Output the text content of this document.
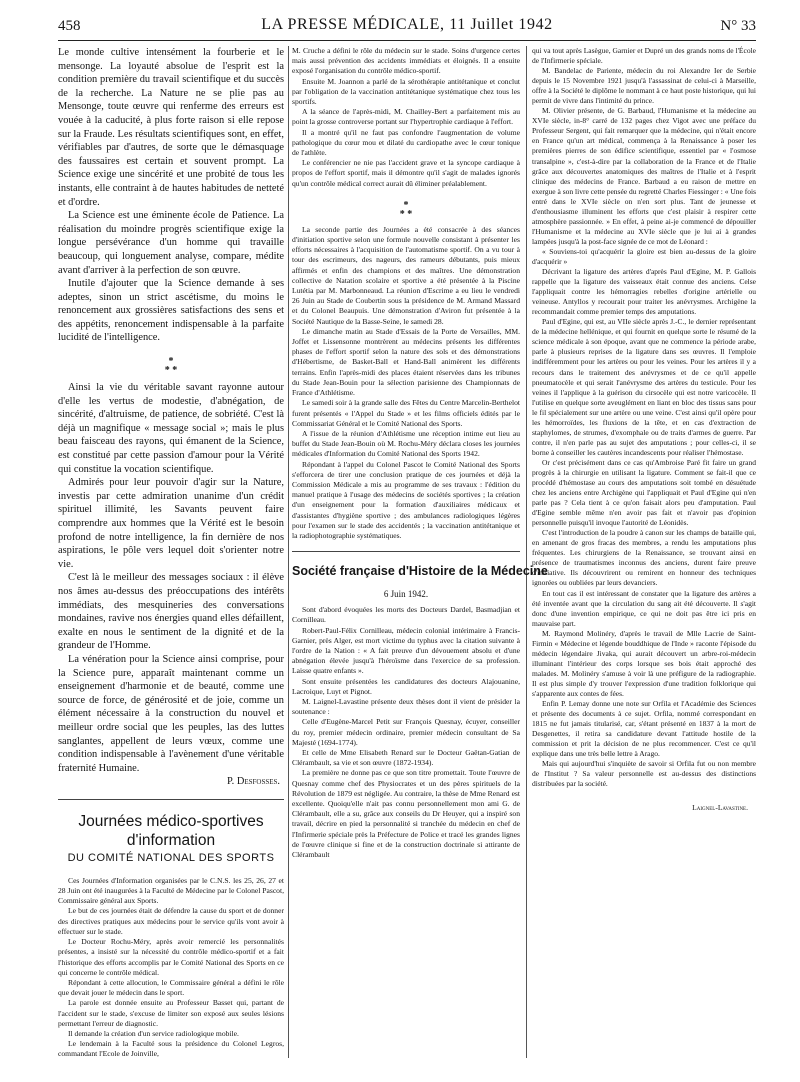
458	LA PRESSE MÉDICALE, 11 Juillet 1942	N° 33

Le monde cultive intensément la fourberie et le mensonge. La loyauté absolue de l'esprit est la condition première du travail scientifique et du succès de la recherche. La Nature ne se plie pas au Mensonge, toute œuvre qui renferme des erreurs est vouée à la caducité, à plus forte raison si elle repose sur la Fraude. Les résultats scientifiques sont, en effet, vérifiables par d'autres, de sorte que le démasquage des faussaires est certain et souvent prompt. La Science exige une sincérité et une probité de tous les instants, elle contraint à de hautes habitudes de netteté et d'ordre.

La Science est une éminente école de Patience. La réalisation du moindre progrès scientifique exige la longue persévérance d'un homme qui travaille beaucoup, qui longuement analyse, compare, médite avant d'arriver à la perfection de son œuvre.

Inutile d'ajouter que la Science demande à ses adeptes, sinon un strict ascétisme, du moins le renoncement aux grossières satisfactions des sens et des appétits, renoncement indispensable à la parfaite lucidité de l'intelligence.

*
* *

Ainsi la vie du véritable savant rayonne autour d'elle les vertus de modestie, d'abnégation, de sincérité, d'altruisme, de patience, de sobriété. C'est là déjà un magnifique « message social »; mais le plus beau faisceau des rayons, qui émanent de la Science, est constitué par cette passion d'amour pour la Vérité qui constitue la vocation scientifique.

Admirés pour leur pouvoir d'agir sur la Nature, investis par cette admiration unanime d'un crédit spirituel illimité, les Savants peuvent faire comprendre aux hommes que la Vérité est le besoin profond de notre intelligence, la fin dernière de nos aspirations, le pôle vers lequel doit s'orienter notre vie.

C'est là le meilleur des messages sociaux : il élève nos âmes au-dessus des préoccupations des intérêts immédiats, des mesquineries des conversations mondaines, ravive nos énergies quand elles défaillent, exalte en nous le sentiment de la dignité et de la grandeur de l'Homme.

La vénération pour la Science ainsi comprise, pour la Science pure, apparaît maintenant comme un enseignement d'harmonie et de beauté, comme une source de force, de générosité et de joie, comme un élément nécessaire à la construction du nouvel et meilleur ordre social que les peuples, las des luttes sanglantes, appellent de leurs vœux, comme une condition indispensable à l'avènement d'une véritable fraternité Humaine.

P. Desfosses.

Journées médico-sportives d'information
DU COMITÉ NATIONAL DES SPORTS

Ces Journées d'Information organisées par le C.N.S. les 25, 26, 27 et 28 Juin ont été inaugurées à la Faculté de Médecine par le Colonel Pascot, Commissaire général aux Sports.

Le but de ces journées était de défendre la cause du sport et de donner des directives pratiques aux médecins pour le service qu'ils vont avoir à effectuer sur le stade.

Le Docteur Rochu-Méry, après avoir remercié les personnalités présentes, a insisté sur la nécessité du contrôle médico-sportif et a fait l'historique des efforts accomplis par le Comité National des Sports en ce qui concerne le contrôle médical.

Répondant à cette allocution, le Commissaire général a défini le rôle que devait jouer le médecin dans le sport.

La parole est donnée ensuite au Professeur Basset qui, partant de l'accident sur le stade, s'excuse de limiter son exposé aux seules lésions permettant l'erreur de diagnostic.

Il demande la création d'un service radiologique mobile.

Le lendemain à la Faculté sous la présidence du Colonel Legros, commandant l'Ecole de Joinville,

M. Cruche a défini le rôle du médecin sur le stade. Soins d'urgence certes mais aussi prévention des accidents immédiats et éloignés. Il a ensuite exposé l'organisation du contrôle médico-sportif.

Ensuite M. Joannon a parlé de la sérothérapie antitétanique et conclut par l'obligation de la vaccination antitétanique systématique chez tous les sportifs.

A la séance de l'après-midi, M. Chailley-Bert a parfaitement mis au point la grosse controverse portant sur l'hypertrophie cardiaque à l'effort.

Il a montré qu'il ne faut pas confondre l'augmentation de volume pathologique du cœur mou et dilaté du cardiopathe avec le cœur tonique de l'athlète.

Le conférencier ne nie pas l'accident grave et la syncope cardiaque à propos de l'effort sportif, mais il démontre qu'il s'agit de malades ignorés qu'un contrôle médical correct aurait dû éliminer préalablement.

*
* *

La seconde partie des Journées a été consacrée à des séances d'initiation sportive selon une formule nouvelle consistant à présenter les efforts nécessaires à l'acquisition de l'automatisme sportif. On a vu tour à tour des escrimeurs, des nageurs, des rameurs débutants, puis mieux affirmés et enfin des champions et des maîtres. Une démonstration collective de Natation scolaire et sportive a été présentée à la Piscine Lutétia par M. Marbonneaud. La réunion d'Escrime a eu lieu le vendredi 26 Juin au Stade de Coubertin sous la présidence de M. Armand Massard et du Colonel Beaupuis. Une démonstration d'Aviron fut présentée à la Société Nautique de la Basse-Seine, le samedi 28.

Le dimanche matin au Stade d'Essais de la Porte de Versailles, MM. Joffet et Lissensonne montrèrent au médecins présents les différentes phases de l'effort sportif selon la nature des sols et des démonstrations d'Hébertisme, de Basket-Ball et Hand-Ball animèrent les différents terrains. Enfin l'après-midi des places étaient réservées dans les tribunes du Stade Jean-Bouin pour la sélection parisienne des Championnats de France d'Athlétisme.

Le samedi soir à la grande salle des Fêtes du Centre Marcelin-Berthelot furent présentés « l'Appel du Stade » et les films officiels édités par le Commissariat Général et le Comité National des Sports.

A l'issue de la réunion d'Athlétisme une réception intime eut lieu au buffet du Stade Jean-Bouin où M. Rochu-Méry déclara closes les journées médicales d'Information du Comité National des Sports 1942.

Répondant à l'appel du Colonel Pascot le Comité National des Sports s'efforcera de tirer une conclusion pratique de ces journées et déjà la Commission Médicale a mis au programme de ses travaux : l'édition du manuel pratique à l'usage des médecins de sociétés sportives ; la création d'un enseignement pour la formation d'auxiliaires médicaux et d'assistantes d'hygiène sportive ; des ambulances radiologiques légères pour l'examen sur le stade des accidentés ; la vaccination antitétanique et la radiophotographie systématiques.

Société française d'Histoire de la Médecine
6 Juin 1942.

Sont d'abord évoquées les morts des Docteurs Dardel, Basmadjian et Cornilleau.

Robert-Paul-Félix Cornilleau, médecin colonial intérimaire à Francis-Garnier, près Alger, est mort victime du typhus avec la citation suivante à l'ordre de la Nation : « A fait preuve d'un dévouement absolu et d'une abnégation élevée jusqu'à l'héroïsme dans l'exercice de sa profession. Laisse quatre enfants ».

Sont ensuite présentées les candidatures des docteurs Alajouanine, Lacroique, Luyt et Pignot.

M. Laignel-Lavastine présente deux thèses dont il vient de présider la soutenance :

Celle d'Eugène-Marcel Petit sur François Quesnay, écuyer, conseiller du roy, premier médecin ordinaire, premier médecin consultant de Sa Majesté (1694-1774).

Et celle de Mme Elisabeth Renard sur le Docteur Gaëtan-Gatian de Clérambault, sa vie et son œuvre (1872-1934).

La première ne donne pas ce que son titre promettait. Toute l'œuvre de Quesnay comme chef des Physiocrates et un des pères spirituels de la Révolution de 1879 est négligée. Au contraire, la thèse de Mme Renard est excellente. Quoiqu'elle n'ait pas connu personnellement mon ami G. de Clérambault, elle a su, grâce aux conseils du Dr Heuyer, qui a inspiré son travail, décrire en pied la personnalité si tranchée du médecin en chef de l'Infirmerie spéciale près la Préfecture de Police et tracé les grandes lignes de l'œuvre clinique si fine et de la construction doctrinale si attirante de Clérambault

qui va tout après Lasègue, Garnier et Dupré un des grands noms de l'École de l'Infirmerie spéciale.

M. Bandelac de Pariente, médecin du roi Alexandre Ier de Serbie depuis le 15 Novembre 1921 jusqu'à l'assassinat de celui-ci à Marseille, offre à la Société le diplôme le nommant à ce haut poste historique, qui lui permit de vivre dans l'intimité du prince.

M. Olivier présente, de G. Barbaud, l'Humanisme et la médecine au XVIe siècle, in-8° carré de 132 pages chez Vigot avec une préface du Professeur Sergent, qui fait remarquer que la médecine, qui n'était encore en France qu'un art médical, commença à la Renaissance à poser les premières pierres de son édifice scientifique, essentiel par « l'osmose transalpine », c'est-à-dire par la collaboration de la France et de l'Italie grâce aux découvertes anatomiques des maîtres de l'Italie et à l'esprit clinique des médecins de France. Barbaud a eu raison de mettre en exergue à son livre cette pensée du regretté Charles Fiessinger : « Une fois entré dans le XVIe siècle on n'en sort plus. Tant de jeunesse et d'enthousiasme illuminent les efforts que c'est plaisir à respirer cette atmosphère passionnée. » En effet, à peine ai-je commencé de dépouiller l'Humanisme et la médecine au XVIe siècle que je lui ai à grandes lampées jusqu'à la post-face signée de ce mot de Léonard :

« Souviens-toi qu'acquérir la gloire est bien au-dessus de la gloire d'acquérir »

Décrivant la ligature des artères d'après Paul d'Egine, M. P. Gallois rappelle que la ligature des vaisseaux était connue des anciens. Celse l'appliquait contre les hémorragies rebelles d'origine artérielle ou veineuse. Antyllos y recourait pour traiter les anévrysmes. Archigène la recommandait comme premier temps des amputations.

Paul d'Egine, qui est, au VIIe siècle après J.-C., le dernier représentant de la médecine hellénique, et qui fournit en quelque sorte le résumé de la science médicale à son époque, avant que ne commence la période arabe, parle à plusieurs reprises de la ligature dans ses œuvres. Il l'emploie indifféremment pour les artères ou pour les veines. Pour les artères il y a recours dans le traitement des anévrysmes et de ce qu'il appelle pneumatocèle et qui serait l'anévrysme des artères du testicule. Pour les veines il l'applique à la guérison du cirsocèle qui est notre varicocèle. Il l'utilise en quelque sorte aveuglément en liant en bloc des tissus sans pour le fil spécialement sur une artère ou une veine. C'est ainsi qu'il opère pour les hémorroïdes, les fluxions de la tête, et en cas d'extraction de staphylomes, de strumes, d'exomphale ou de traits d'armes de guerre. Par contre, il n'en parle pas au sujet des amputations ; pour celles-ci, il se borne à conseiller les cautères incandescents pour réaliser l'hémostase.

Or c'est précisément dans ce cas qu'Ambroise Paré fit faire un grand progrès à la chirurgie en utilisant la ligature. Comment se fait-il que ce procédé d'hémostase au cours des amputations soit tombé en désuétude chez les anciens entre Archigène qui l'appliquait et Paul d'Egine qui n'en parle pas ? Cela tient à ce qu'on faisait alors peu d'amputation. Paul d'Egine semble même n'en avoir pas fait et n'avoir pas d'opinion personnelle puisqu'il invoque l'autorité de Léonidès.

C'est l'introduction de la poudre à canon sur les champs de bataille qui, en amenant de gros fracas des membres, a rendu les amputations plus fréquentes. Les chirurgiens de la Renaissance, se trouvant ainsi en présence de traumatismes inconnus des anciens, durent faire preuve d'initiative. Ils découvrirent ou remirent en honneur des techniques ignorées ou oubliées par leurs devanciers.

En tout cas il est intéressant de constater que la ligature des artères a été inventée avant que la circulation du sang ait été découverte. Il s'agit donc d'une invention empirique, ce qui ne doit pas être ici pris en mauvaise part.

M. Raymond Molinéry, d'après le travail de Mlle Lacrie de Saint-Firmin « Médecine et légende bouddhique de l'Inde » raconte l'épisode du médecin légendaire Jivaka, qui aurait découvert un arbre-roi-médecin illuminant l'intérieur des corps lorsque ses bois était approché des malades. M. Molinéry s'amuse à voir là une préfigure de la radiographie. Il est plus simple d'y trouver l'expression d'une tradition folklorique qui s'apparente aux contes de fées.

Enfin P. Lemay donne une note sur Orfila et l'Académie des Sciences et présente des documents à ce sujet. Orfila, nommé correspondant en 1815 ne fut jamais titularisé, car, s'étant présenté en 1837 à la mort de Desgenettes, il retira sa candidature devant l'attitude hostile de la commission et prit la décision de ne plus recommencer. C'est ce qu'il explique dans une très belle lettre à Arago.

Mais qui aujourd'hui s'inquiète de savoir si Orfila fut ou non membre de l'Institut ? Sa valeur personnelle est au-dessus des distinctions distribuées par la société.

Laignel-Lavastine.
